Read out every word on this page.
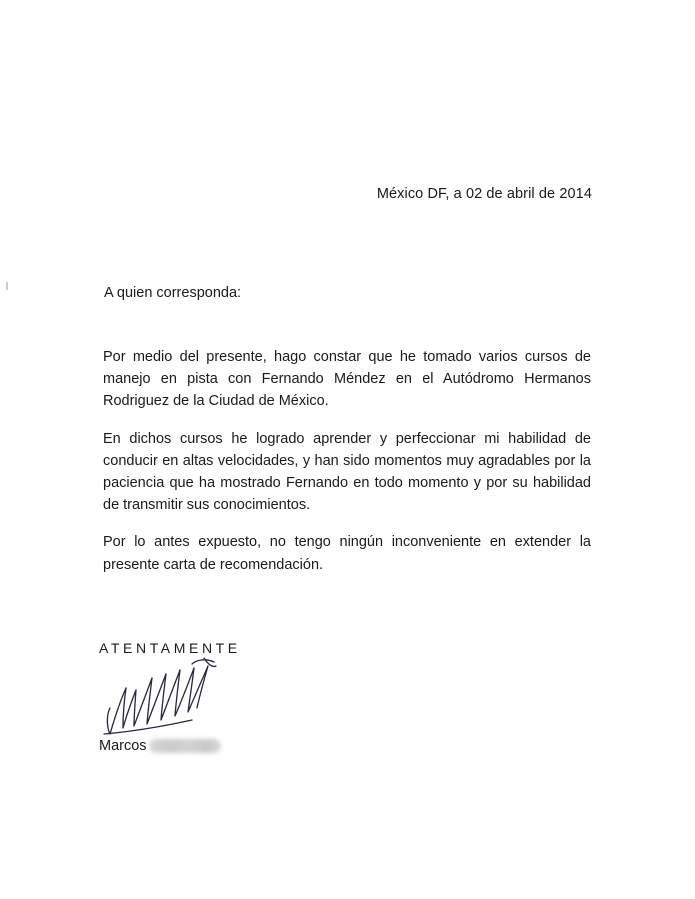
México DF, a 02 de abril de 2014
A quien corresponda:

Por medio del presente, hago constar que he tomado varios cursos de manejo en pista con Fernando Méndez en el Autódromo Hermanos Rodriguez de la Ciudad de México.

En dichos cursos he logrado aprender y perfeccionar mi habilidad de conducir en altas velocidades, y han sido momentos muy agradables por la paciencia que ha mostrado Fernando en todo momento y por su habilidad de transmitir sus conocimientos.

Por lo antes expuesto, no tengo ningún inconveniente en extender la presente carta de recomendación.

ATENTAMENTE
Marcos
